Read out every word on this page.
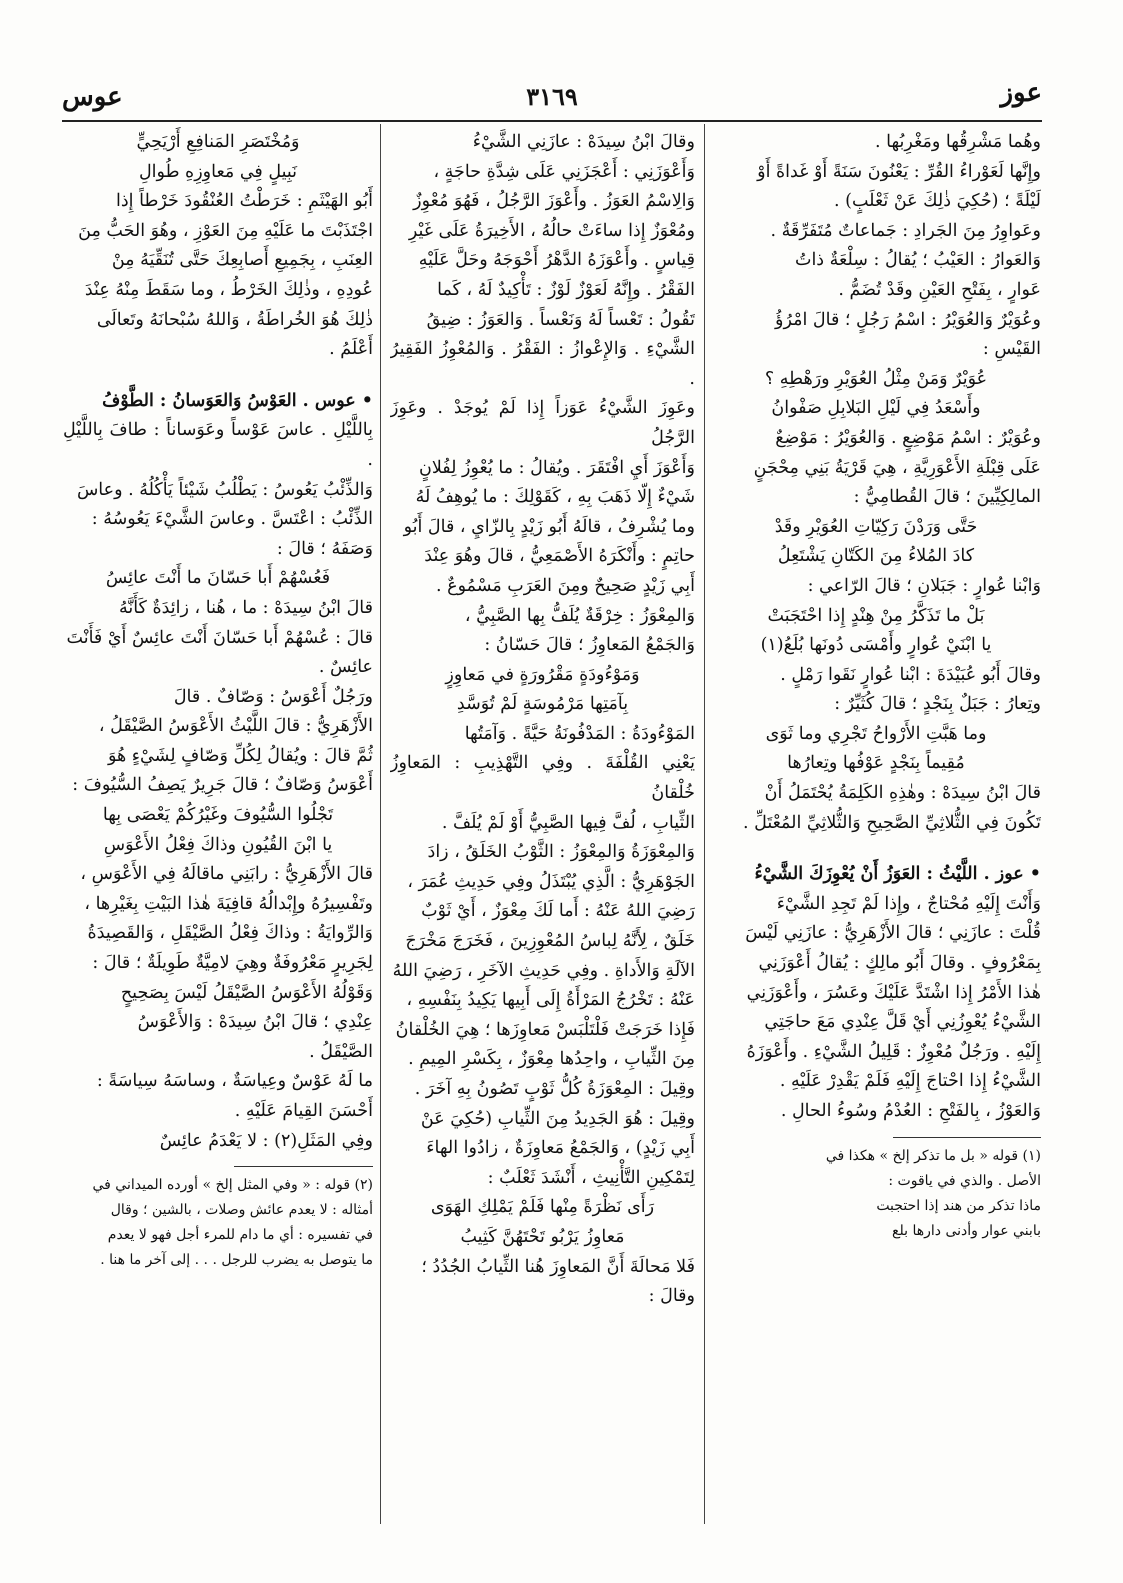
عوز
٣١٦٩
عوس

وهُما مَشْرِقُها ومَغْرِبُها .

وإِنَّها لَعَوْراءُ القُرِّ : يَعْنُونَ سَنَةً أَوْ غَداةً أَوْ

لَيْلَةً ؛ (حُكِيَ ذٰلِكَ عَنْ ثَعْلَبٍ) .

وعَواوِرُ مِنَ الجَرادِ : جَماعاتٌ مُتَفَرِّقَةٌ .

وَالعَوارُ : العَيْبُ ؛ يُقالُ : سِلْعَةٌ ذاتُ

عَوارٍ ، بِفَتْحِ العَيْنِ وقَدْ تُضَمُّ .

وعُوَيْرٌ وَالعُوَيْرُ : اسْمُ رَجُلٍ ؛ قالَ امْرُؤُ

القَيْسِ :

عُوَيْرٌ وَمَنْ مِثْلُ العُوَيْرِ ورَهْطِهِ ؟

وأَسْعَدُ فِي لَيْلِ البَلابِلِ صَفْوانُ

وعُوَيْرٌ : اسْمُ مَوْضِعٍ . وَالعُوَيْرُ : مَوْضِعٌ

عَلَى قِبْلَةِ الأَعْوَرِيَّةِ ، هِيَ قَرْيَةُ بَنِي مِحْجَنٍ

المالِكِيِّينَ ؛ قالَ القُطامِيُّ :

حَتَّى وَرَدْنَ رَكِيّاتِ العُوَيْرِ وقَدْ

كادَ المُلاءُ مِنَ الكَتّانِ يَشْتَعِلُ

وَابْنا عُوارٍ : جَبَلانِ ؛ قالَ الرّاعي :

بَلْ ما تَذَكَّرُ مِنْ هِنْدٍ إِذا احْتَجَبَتْ

يا ابْنَيْ عُوارٍ وأَمْسَى دُونَها بُلَعُ(١)

وقالَ أَبُو عُبَيْدَةَ : ابْنا عُوارٍ نَقَوا رَمْلٍ .

وتِعارُ : جَبَلٌ بِنَجْدٍ ؛ قالَ كُثَيِّرٌ :

وما هَبَّتِ الأَرْواحُ تَجْرِي وما ثَوَى

مُقِيماً بِنَجْدٍ عَوْفُها وتِعارُها

قالَ ابْنُ سِيدَهْ : وهٰذِهِ الكَلِمَةُ يُحْتَمَلُ أَنْ

تَكُونَ فِي الثُّلاثِيِّ الصَّحِيحِ وَالثُّلاثِيِّ المُعْتَلِّ .

• عوز . اللَّيْثُ : العَوَزُ أَنْ يُعْوِزَكَ الشَّيْءُ

وَأَنْتَ إِلَيْهِ مُحْتاجٌ ، وإِذا لَمْ تَجِدِ الشَّيْءَ

قُلْتَ : عازَنِي ؛ قالَ الأَزْهَرِيُّ : عازَنِي لَيْسَ

بِمَعْرُوفٍ . وقالَ أَبُو مالِكٍ : يُقالُ أَعْوَزَنِي

هٰذا الأَمْرُ إِذا اشْتَدَّ عَلَيْكَ وعَسُرَ ، وأَعْوَزَنِي

الشَّيْءُ يُعْوِزُنِي أَيْ قَلَّ عِنْدِي مَعَ حاجَتِي

إِلَيْهِ . ورَجُلٌ مُعْوِزٌ : قَلِيلُ الشَّيْءِ . وأَعْوَزَهُ

الشَّيْءُ إِذا احْتاجَ إِلَيْهِ فَلَمْ يَقْدِرْ عَلَيْهِ .

وَالعَوْزُ ، بِالفَتْحِ : العُدْمُ وسُوءُ الحالِ .

(١) قوله « بل ما تذكر إلخ » هكذا في

الأصل . والذي في ياقوت :

ماذا تذكر من هند إذا احتجبت

بابني عوار وأدنى دارها بلع

وقالَ ابْنُ سِيدَهْ : عازَنِي الشَّيْءُ

وَأَعْوَزَنِي : أَعْجَزَنِي عَلَى شِدَّةِ حاجَةٍ ،

وَالِاسْمُ العَوَزُ . وأَعْوَزَ الرَّجُلُ ، فَهُوَ مُعْوِزٌ

ومُعْوَزٌ إِذا ساءَتْ حالُهُ ، الأَخِيرَةُ عَلَى غَيْرِ

قِياسٍ . وأَعْوَزَهُ الدَّهْرُ أَحْوَجَهُ وحَلَّ عَلَيْهِ

الفَقْرُ . وإِنَّهُ لَعَوْزٌ لَوْزٌ : تَأْكِيدٌ لَهُ ، كَما

تَقُولُ : تَعْساً لَهُ وَنَعْساً . وَالعَوَزُ : ضِيقُ

الشَّيْءِ . وَالإِعْوازُ : الفَقْرُ . وَالمُعْوِزُ الفَقِيرُ .

وعَوِزَ الشَّيْءُ عَوَزاً إِذا لَمْ يُوجَدْ . وعَوِزَ الرَّجُلُ

وَأَعْوَزَ أَيِ افْتَقَرَ . ويُقالُ : ما يُعْوِزُ لِفُلانٍ

شَيْءٌ إِلّا ذَهَبَ بِهِ ، كَقَوْلِكَ : ما يُوهِفُ لَهُ

وما يُشْرِفُ ، قالَهُ أَبُو زَيْدٍ بِالزّايِ ، قالَ أَبُو

حاتِمٍ : وأَنْكَرَهُ الأَصْمَعِيُّ ، قالَ وهُوَ عِنْدَ

أَبِي زَيْدٍ صَحِيحٌ ومِنَ العَرَبِ مَسْمُوعٌ .

وَالمِعْوَزُ : خِرْقَةٌ يُلَفُّ بِها الصَّبِيُّ ،

وَالجَمْعُ المَعاوِزُ ؛ قالَ حَسّانُ :

وَمَوْءُودَةٍ مَقْرُورَةٍ في مَعاوِزٍ

بِآمَتِها مَرْمُوسَةٍ لَمْ تُوَسَّدِ

المَوْءُودَةُ : المَدْفُونَةُ حَيَّةً . وَآمَتُها

يَعْنِي القُلْفَةَ . وفِي التَّهْذِيبِ : المَعاوِزُ خُلْقانُ

الثِّيابِ ، لُفَّ فِيها الصَّبِيُّ أَوْ لَمْ يُلَفَّ .

وَالمِعْوَزَةُ وَالمِعْوَزُ : الثَّوْبُ الخَلَقُ ، زادَ

الجَوْهَرِيُّ : الَّذِي يُبْتَذَلُ وفِي حَدِيثِ عُمَرَ ،

رَضِيَ اللهُ عَنْهُ : أَما لَكَ مِعْوَزٌ ، أَيْ ثَوْبٌ

خَلَقٌ ، لِأَنَّهُ لِباسُ المُعْوِزِينَ ، فَخَرَجَ مَخْرَجَ

الآلَةِ وَالأَداةِ . وفِي حَدِيثِ الآخَرِ ، رَضِيَ اللهُ

عَنْهُ : تَخْرُجُ المَرْأَةُ إِلَى أَبِيها يَكِيدُ بِنَفْسِهِ ،

فَإِذا خَرَجَتْ فَلْتَلْبَسْ مَعاوِزَها ؛ هِيَ الخُلْقانُ

مِنَ الثِّيابِ ، واحِدُها مِعْوَزٌ ، بِكَسْرِ المِيمِ .

وقِيلَ : المِعْوَزَةُ كُلُّ ثَوْبٍ تَصُونُ بِهِ آخَرَ .

وقِيلَ : هُوَ الجَدِيدُ مِنَ الثِّيابِ (حُكِيَ عَنْ

أَبِي زَيْدٍ) ، وَالجَمْعُ مَعاوِزَةٌ ، زادُوا الهاءَ

لِتَمْكِينِ التَّأْنِيثِ ، أَنْشَدَ ثَعْلَبٌ :

رَأَى نَظْرَةً مِنْها فَلَمْ يَمْلِكِ الهَوَى

مَعاوِزُ يَرْبُو تَحْتَهُنَّ كَثِيبُ

فَلا مَحالَةَ أَنَّ المَعاوِزَ هُنا الثِّيابُ الجُدُدُ ؛

وقالَ :

وَمُخْتَصَرِ المَنافِعِ أَرْيَحِيٍّ

نَبِيلٍ فِي مَعاوِزِهِ طُوالِ

أَبُو الهَيْثَمِ : خَرَطْتُ العُنْقُودَ خَرْطاً إِذا

اجْتَذَبْتَ ما عَلَيْهِ مِنَ العَوْزِ ، وهُوَ الحَبُّ مِنَ

العِنَبِ ، بِجَمِيعِ أَصابِعِكَ حَتَّى تُنَقِّيَهُ مِنْ

عُودِهِ ، وذٰلِكَ الخَرْطُ ، وما سَقَطَ مِنْهُ عِنْدَ

ذٰلِكَ هُوَ الخُراطَةُ ، وَاللهُ سُبْحانَهُ وتَعالَى

أَعْلَمُ .

• عوس . العَوْسُ وَالعَوَسانُ : الطَّوْفُ

بِاللَّيْلِ . عاسَ عَوْساً وعَوَساناً : طافَ بِاللَّيْلِ .

وَالذِّئْبُ يَعُوسُ : يَطْلُبُ شَيْئاً يَأْكُلُهُ . وعاسَ

الذِّئْبُ : اعْتَسَّ . وعاسَ الشَّيْءَ يَعُوسُهُ :

وَصَفَهُ ؛ قالَ :

فَعُسْهُمْ أَبا حَسّانَ ما أَنْتَ عائِسُ

قالَ ابْنُ سِيدَهْ : ما ، هُنا ، زائِدَةٌ كَأَنَّهُ

قالَ : عُسْهُمْ أَبا حَسّانَ أَنْتَ عائِسٌ أَيْ فَأَنْتَ

عائِسٌ .

ورَجُلٌ أَعْوَسُ : وَصّافٌ . قالَ

الأَزْهَرِيُّ : قالَ اللَّيْثُ الأَعْوَسُ الصَّيْقَلُ ،

ثُمَّ قالَ : ويُقالُ لِكُلِّ وَصّافٍ لِشَيْءٍ هُوَ

أَعْوَسُ وَصّافٌ ؛ قالَ جَرِيرٌ يَصِفُ السُّيُوفَ :

تَجْلُوا السُّيُوفَ وغَيْرُكُمْ يَعْصَى بِها

يا ابْنَ القُيُونِ وذاكَ فِعْلُ الأَعْوَسِ

قالَ الأَزْهَرِيُّ : رابَنِي ماقالَهُ فِي الأَعْوَسِ ،

وتَفْسِيرُهُ وإِبْدالُهُ قافِيَةَ هٰذا البَيْتِ بِغَيْرِها ،

وَالرِّوايَةُ : وذاكَ فِعْلُ الصَّيْقَلِ ، وَالقَصِيدَةُ

لِجَرِيرٍ مَعْرُوفَةٌ وهِيَ لامِيَّةٌ طَوِيلَةٌ ؛ قالَ :

وَقَوْلُهُ الأَعْوَسُ الصَّيْقَلُ لَيْسَ بِصَحِيحٍ

عِنْدِي ؛ قالَ ابْنُ سِيدَهْ : وَالأَعْوَسُ

الصَّيْقَلُ .

ما لَهُ عَوْسٌ وعِياسَةٌ ، وساسَهُ سِياسَةً :

أَحْسَنَ القِيامَ عَلَيْهِ .

وفِي المَثَلِ(٢) : لا يَعْدَمُ عائِسٌ

(٢) قوله : « وفي المثل إلخ » أورده الميداني في

أمثاله : لا يعدم عائش وصلات ، بالشين ؛ وقال

في تفسيره : أي ما دام للمرء أجل فهو لا يعدم

ما يتوصل به يضرب للرجل . . . إلى آخر ما هنا .
